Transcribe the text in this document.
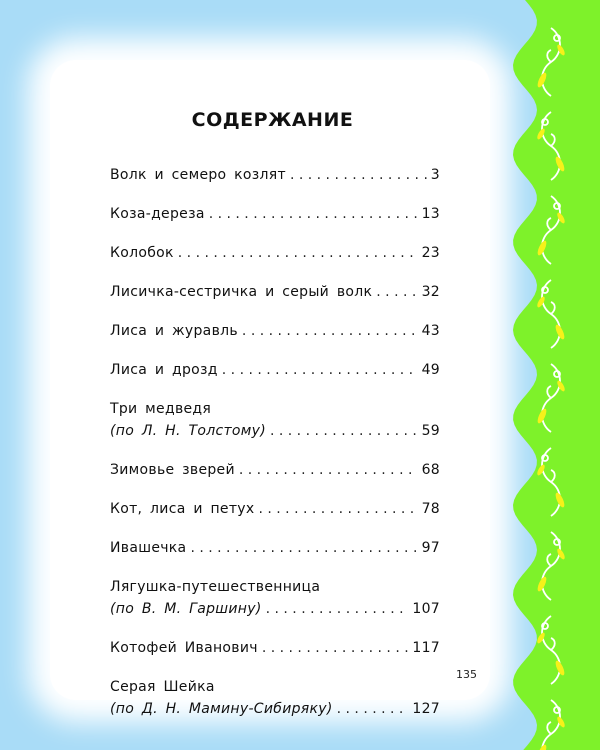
СОДЕРЖАНИЕ
Волк и семеро козлят . . .	3
Коза-дереза . . .	13
Колобок . . .	23
Лисичка-сестричка и серый волк . . .	32
Лиса и журавль . . .	43
Лиса и дрозд . . .	49
Три медведя
(по Л. Н. Толстому) . . .	59
Зимовье зверей . . .	68
Кот, лиса и петух . . .	78
Ивашечка . . .	97
Лягушка-путешественница
(по В. М. Гаршину) . . .	107
Котофей Иванович . . .	117
Серая Шейка
(по Д. Н. Мамину-Сибиряку) . . .	127
135
